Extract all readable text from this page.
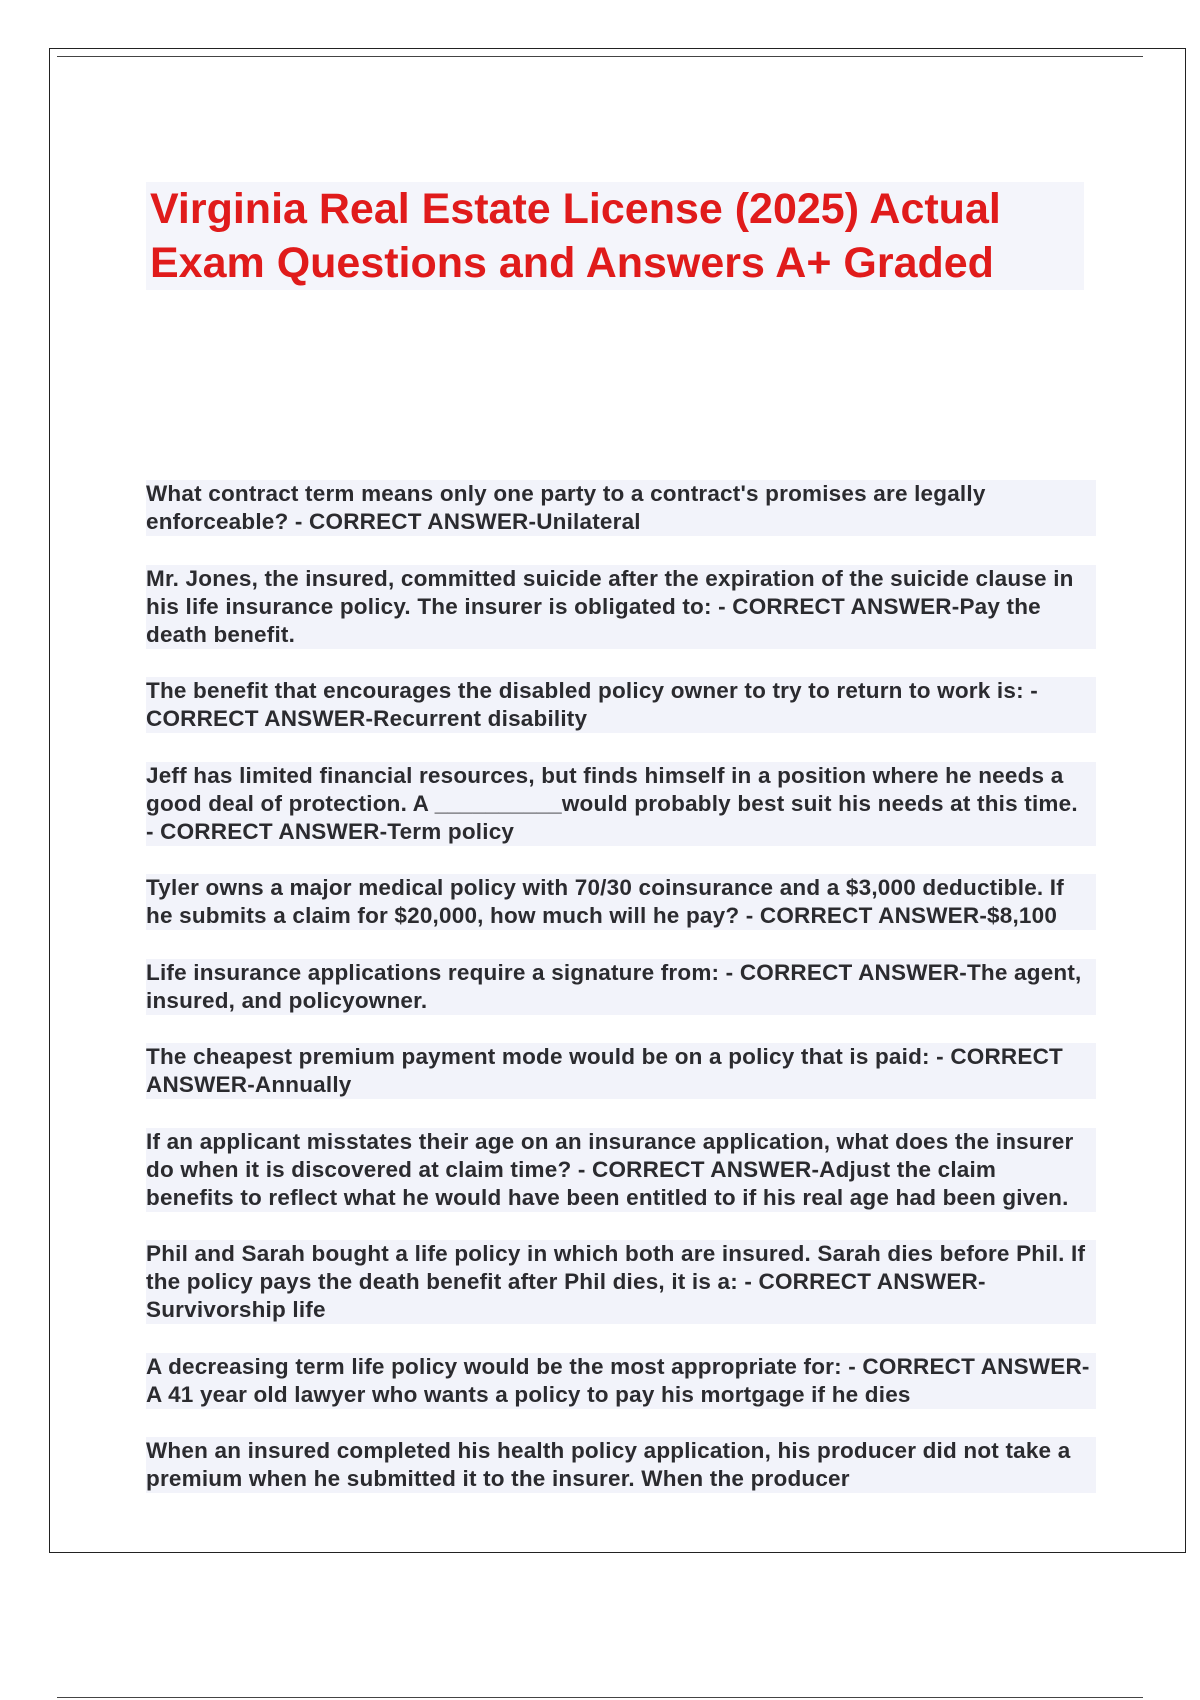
Virginia Real Estate License (2025) Actual Exam Questions and Answers A+ Graded

What contract term means only one party to a contract's promises are legally enforceable? - CORRECT ANSWER-Unilateral

Mr. Jones, the insured, committed suicide after the expiration of the suicide clause in his life insurance policy. The insurer is obligated to: - CORRECT ANSWER-Pay the death benefit.

The benefit that encourages the disabled policy owner to try to return to work is: - CORRECT ANSWER-Recurrent disability

Jeff has limited financial resources, but finds himself in a position where he needs a good deal of protection. A __________would probably best suit his needs at this time. - CORRECT ANSWER-Term policy

Tyler owns a major medical policy with 70/30 coinsurance and a $3,000 deductible. If he submits a claim for $20,000, how much will he pay? - CORRECT ANSWER-$8,100

Life insurance applications require a signature from: - CORRECT ANSWER-The agent, insured, and policyowner.

The cheapest premium payment mode would be on a policy that is paid: - CORRECT ANSWER-Annually

If an applicant misstates their age on an insurance application, what does the insurer do when it is discovered at claim time? - CORRECT ANSWER-Adjust the claim benefits to reflect what he would have been entitled to if his real age had been given.

Phil and Sarah bought a life policy in which both are insured. Sarah dies before Phil. If the policy pays the death benefit after Phil dies, it is a: - CORRECT ANSWER-Survivorship life

A decreasing term life policy would be the most appropriate for: - CORRECT ANSWER-A 41 year old lawyer who wants a policy to pay his mortgage if he dies

When an insured completed his health policy application, his producer did not take a premium when he submitted it to the insurer. When the producer
